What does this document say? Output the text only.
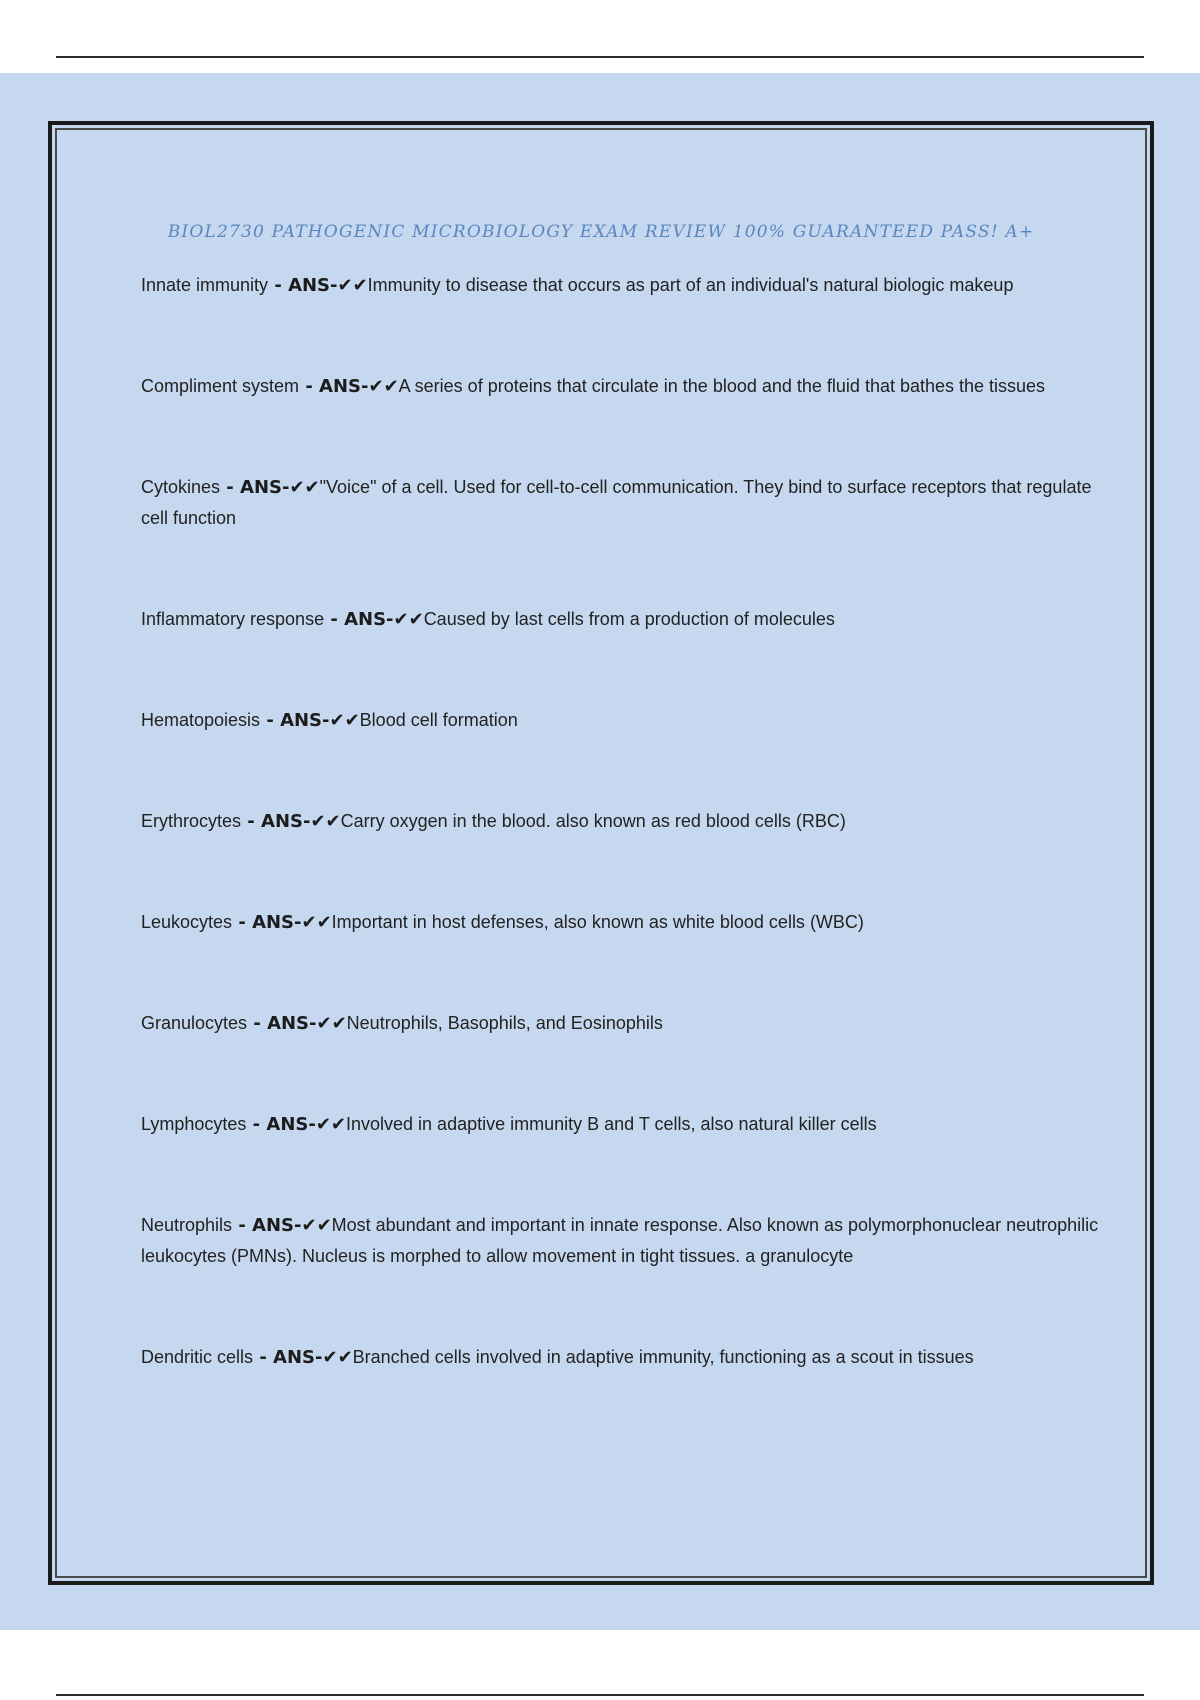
BIOL2730 PATHOGENIC MICROBIOLOGY EXAM REVIEW 100% GUARANTEED PASS! A+
Innate immunity - ANS-✔✔Immunity to disease that occurs as part of an individual's natural biologic makeup
Compliment system - ANS-✔✔A series of proteins that circulate in the blood and the fluid that bathes the tissues
Cytokines - ANS-✔✔"Voice" of a cell. Used for cell-to-cell communication. They bind to surface receptors that regulate cell function
Inflammatory response - ANS-✔✔Caused by last cells from a production of molecules
Hematopoiesis - ANS-✔✔Blood cell formation
Erythrocytes - ANS-✔✔Carry oxygen in the blood. also known as red blood cells (RBC)
Leukocytes - ANS-✔✔Important in host defenses, also known as white blood cells (WBC)
Granulocytes - ANS-✔✔Neutrophils, Basophils, and Eosinophils
Lymphocytes - ANS-✔✔Involved in adaptive immunity B and T cells, also natural killer cells
Neutrophils - ANS-✔✔Most abundant and important in innate response. Also known as polymorphonuclear neutrophilic leukocytes (PMNs). Nucleus is morphed to allow movement in tight tissues. a granulocyte
Dendritic cells - ANS-✔✔Branched cells involved in adaptive immunity, functioning as a scout in tissues
